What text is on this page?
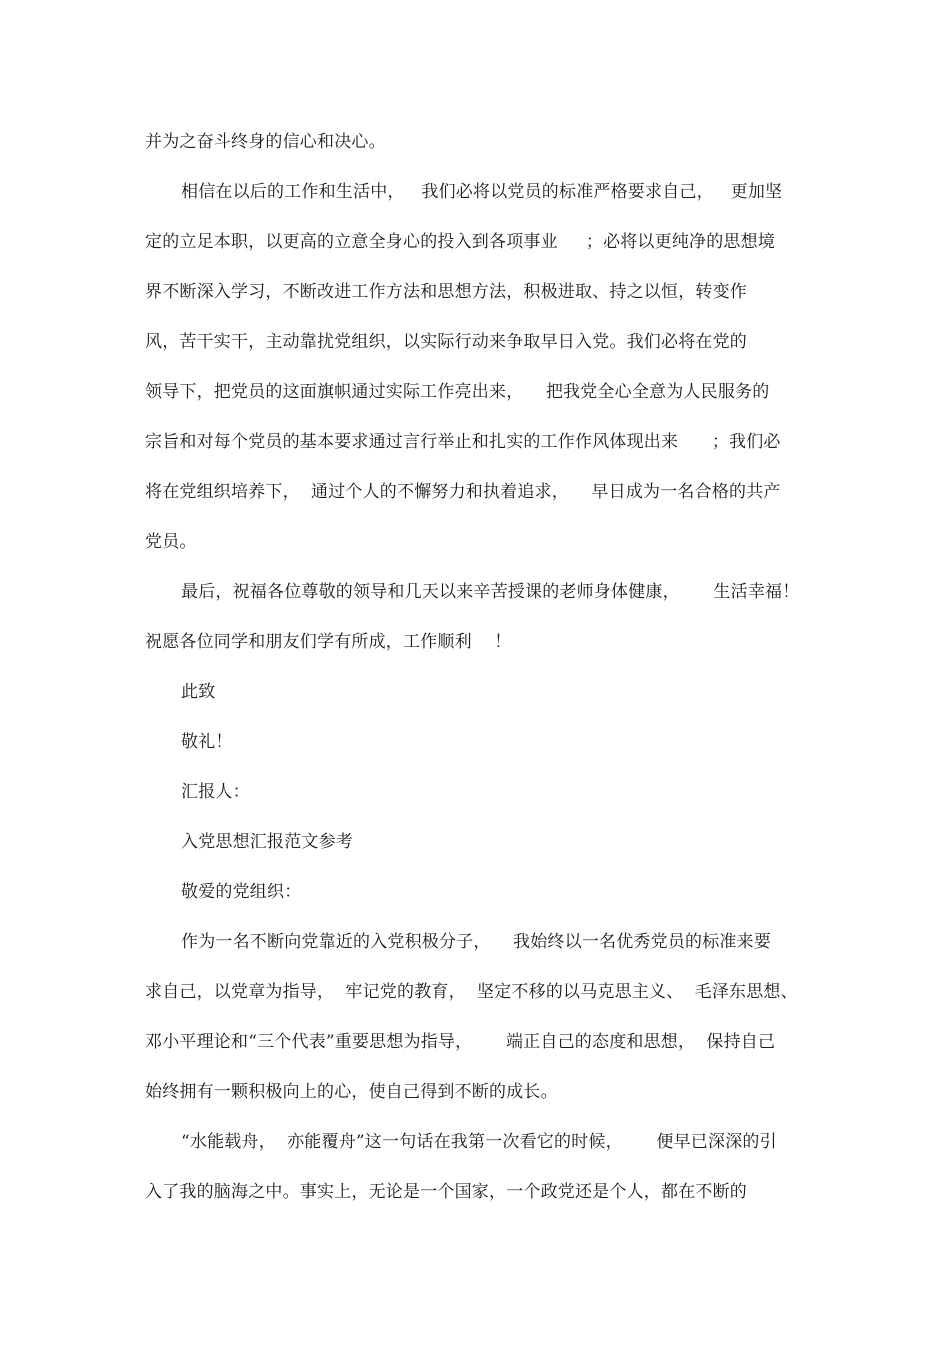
并为之奋斗终身的信心和决心。
相信在以后的工作和生活中，   我们必将以党员的标准严格要求自己，   更加坚
定的立足本职，以更高的立意全身心的投入到各项事业     ；必将以更纯净的思想境
界不断深入学习，不断改进工作方法和思想方法，积极进取、持之以恒，转变作
风，苦干实干，主动靠扰党组织，以实际行动来争取早日入党。我们必将在党的
领导下，把党员的这面旗帜通过实际工作亮出来，    把我党全心全意为人民服务的
宗旨和对每个党员的基本要求通过言行举止和扎实的工作作风体现出来      ；我们必
将在党组织培养下，  通过个人的不懈努力和执着追求，    早日成为一名合格的共产
党员。
最后，祝福各位尊敬的领导和几天以来辛苦授课的老师身体健康，      生活幸福！
祝愿各位同学和朋友们学有所成，工作顺利    ！
此致
敬礼！
汇报人：
入党思想汇报范文参考
敬爱的党组织：
作为一名不断向党靠近的入党积极分子，    我始终以一名优秀党员的标准来要
求自己，以党章为指导，  牢记党的教育，  坚定不移的以马克思主义、  毛泽东思想、
邓小平理论和“三个代表”重要思想为指导，      端正自己的态度和思想，  保持自己
始终拥有一颗积极向上的心，使自己得到不断的成长。
“水能载舟，  亦能覆舟”这一句话在我第一次看它的时候，      便早已深深的引
入了我的脑海之中。事实上，无论是一个国家，一个政党还是个人，都在不断的
